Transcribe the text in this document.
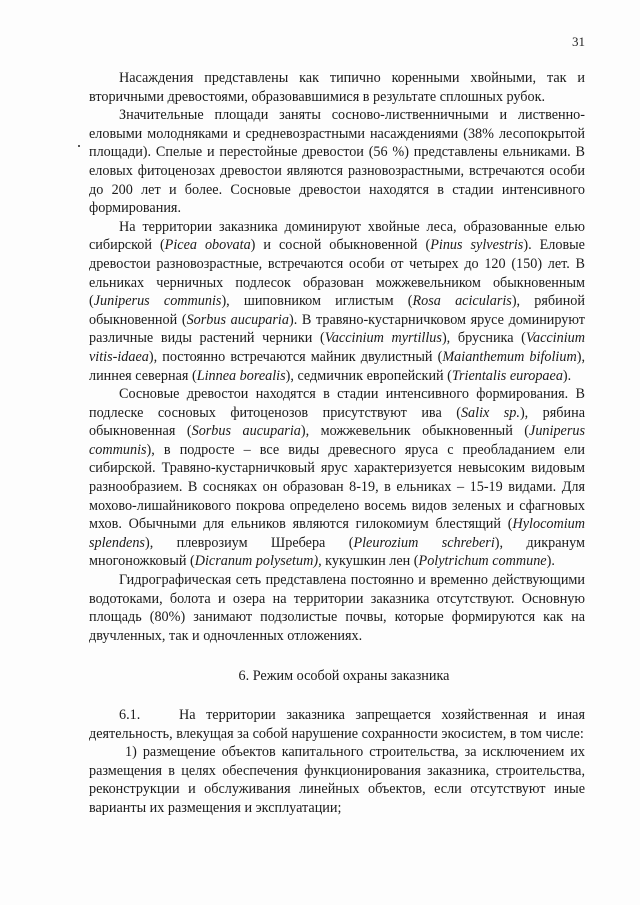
31

Насаждения представлены как типично коренными хвойными, так и вторичными древостоями, образовавшимися в результате сплошных рубок.

Значительные площади заняты сосново-лиственничными и лиственно-еловыми молодняками и средневозрастными насаждениями (38% лесопокрытой площади). Спелые и перестойные древостои (56 %) представлены ельниками. В еловых фитоценозах древостои являются разновозрастными, встречаются особи до 200 лет и более. Сосновые древостои находятся в стадии интенсивного формирования.

На территории заказника доминируют хвойные леса, образованные елью сибирской (Picea obovata) и сосной обыкновенной (Pinus sylvestris). Еловые древостои разновозрастные, встречаются особи от четырех до 120 (150) лет. В ельниках черничных подлесок образован можжевельником обыкновенным (Juniperus communis), шиповником иглистым (Rosa acicularis), рябиной обыкновенной (Sorbus aucuparia). В травяно-кустарничковом ярусе доминируют различные виды растений черники (Vaccinium myrtillus), брусника (Vaccinium vitis-idaea), постоянно встречаются майник двулистный (Maianthemum bifolium), линнея северная (Linnea borealis), седмичник европейский (Trientalis europaea).

Сосновые древостои находятся в стадии интенсивного формирования. В подлеске сосновых фитоценозов присутствуют ива (Salix sp.), рябина обыкновенная (Sorbus aucuparia), можжевельник обыкновенный (Juniperus communis), в подросте – все виды древесного яруса с преобладанием ели сибирской. Травяно-кустарничковый ярус характеризуется невысоким видовым разнообразием. В сосняках он образован 8-19, в ельниках – 15-19 видами. Для мохово-лишайникового покрова определено восемь видов зеленых и сфагновых мхов. Обычными для ельников являются гилокомиум блестящий (Hylocomium splendens), плеврозиум Шребера (Pleurozium schreberi), дикранум многоножковый (Dicranum polysetum), кукушкин лен (Polytrichum commune).

Гидрографическая сеть представлена постоянно и временно действующими водотоками, болота и озера на территории заказника отсутствуют. Основную площадь (80%) занимают подзолистые почвы, которые формируются как на двучленных, так и одночленных отложениях.

6. Режим особой охраны заказника

6.1.	На территории заказника запрещается хозяйственная и иная деятельность, влекущая за собой нарушение сохранности экосистем, в том числе:

1) размещение объектов капитального строительства, за исключением их размещения в целях обеспечения функционирования заказника, строительства, реконструкции и обслуживания линейных объектов, если отсутствуют иные варианты их размещения и эксплуатации;
